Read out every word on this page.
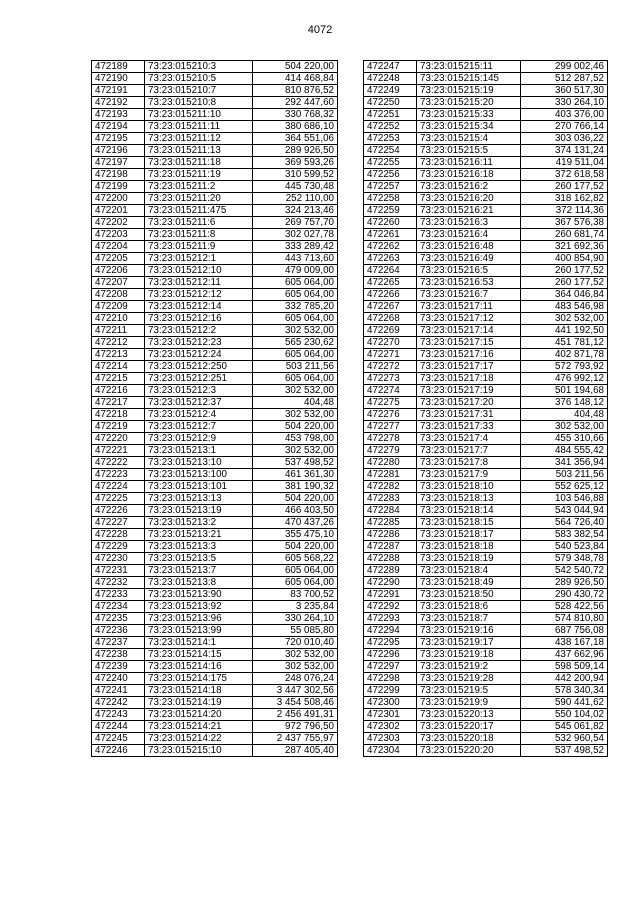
4072
472189	73:23:015210:3	504 220,00
472190	73:23:015210:5	414 468,84
472191	73:23:015210:7	810 876,52
472192	73:23:015210:8	292 447,60
472193	73:23:015211:10	330 768,32
472194	73:23:015211:11	380 686,10
472195	73:23:015211:12	364 551,06
472196	73:23:015211:13	289 926,50
472197	73:23:015211:18	369 593,26
472198	73:23:015211:19	310 599,52
472199	73:23:015211:2	445 730,48
472200	73:23:015211:20	252 110,00
472201	73:23:015211:475	324 213,46
472202	73:23:015211:6	269 757,70
472203	73:23:015211:8	302 027,78
472204	73:23:015211:9	333 289,42
472205	73:23:015212:1	443 713,60
472206	73:23:015212:10	479 009,00
472207	73:23:015212:11	605 064,00
472208	73:23:015212:12	605 064,00
472209	73:23:015212:14	332 785,20
472210	73:23:015212:16	605 064,00
472211	73:23:015212:2	302 532,00
472212	73:23:015212:23	565 230,62
472213	73:23:015212:24	605 064,00
472214	73:23:015212:250	503 211,56
472215	73:23:015212:251	605 064,00
472216	73:23:015212:3	302 532,00
472217	73:23:015212:37	404,48
472218	73:23:015212:4	302 532,00
472219	73:23:015212:7	504 220,00
472220	73:23:015212:9	453 798,00
472221	73:23:015213:1	302 532,00
472222	73:23:015213:10	537 498,52
472223	73:23:015213:100	461 361,30
472224	73:23:015213:101	381 190,32
472225	73:23:015213:13	504 220,00
472226	73:23:015213:19	466 403,50
472227	73:23:015213:2	470 437,26
472228	73:23:015213:21	355 475,10
472229	73:23:015213:3	504 220,00
472230	73:23:015213:5	605 568,22
472231	73:23:015213:7	605 064,00
472232	73:23:015213:8	605 064,00
472233	73:23:015213:90	83 700,52
472234	73:23:015213:92	3 235,84
472235	73:23:015213:96	330 264,10
472236	73:23:015213:99	55 085,80
472237	73:23:015214:1	720 010,40
472238	73:23:015214:15	302 532,00
472239	73:23:015214:16	302 532,00
472240	73:23:015214:175	248 076,24
472241	73:23:015214:18	3 447 302,56
472242	73:23:015214:19	3 454 508,46
472243	73:23:015214:20	2 456 491,31
472244	73:23:015214:21	972 796,50
472245	73:23:015214:22	2 437 755,97
472246	73:23:015215:10	287 405,40
472247	73:23:015215:11	299 002,46
472248	73:23:015215:145	512 287,52
472249	73:23:015215:19	360 517,30
472250	73:23:015215:20	330 264,10
472251	73:23:015215:33	403 376,00
472252	73:23:015215:34	270 766,14
472253	73:23:015215:4	303 036,22
472254	73:23:015215:5	374 131,24
472255	73:23:015216:11	419 511,04
472256	73:23:015216:18	372 618,58
472257	73:23:015216:2	260 177,52
472258	73:23:015216:20	318 162,82
472259	73:23:015216:21	372 114,36
472260	73:23:015216:3	367 576,38
472261	73:23:015216:4	260 681,74
472262	73:23:015216:48	321 692,36
472263	73:23:015216:49	400 854,90
472264	73:23:015216:5	260 177,52
472265	73:23:015216:53	260 177,52
472266	73:23:015216:7	364 046,84
472267	73:23:015217:11	483 546,98
472268	73:23:015217:12	302 532,00
472269	73:23:015217:14	441 192,50
472270	73:23:015217:15	451 781,12
472271	73:23:015217:16	402 871,78
472272	73:23:015217:17	572 793,92
472273	73:23:015217:18	476 992,12
472274	73:23:015217:19	501 194,68
472275	73:23:015217:20	376 148,12
472276	73:23:015217:31	404,48
472277	73:23:015217:33	302 532,00
472278	73:23:015217:4	455 310,66
472279	73:23:015217:7	484 555,42
472280	73:23:015217:8	341 356,94
472281	73:23:015217:9	503 211,56
472282	73:23:015218:10	552 625,12
472283	73:23:015218:13	103 546,88
472284	73:23:015218:14	543 044,94
472285	73:23:015218:15	564 726,40
472286	73:23:015218:17	583 382,54
472287	73:23:015218:18	540 523,84
472288	73:23:015218:19	579 348,78
472289	73:23:015218:4	542 540,72
472290	73:23:015218:49	289 926,50
472291	73:23:015218:50	290 430,72
472292	73:23:015218:6	528 422,56
472293	73:23:015218:7	574 810,80
472294	73:23:015219:16	687 756,08
472295	73:23:015219:17	438 167,18
472296	73:23:015219:18	437 662,96
472297	73:23:015219:2	598 509,14
472298	73:23:015219:28	442 200,94
472299	73:23:015219:5	578 340,34
472300	73:23:015219:9	590 441,62
472301	73:23:015220:13	550 104,02
472302	73:23:015220:17	545 061,82
472303	73:23:015220:18	532 960,54
472304	73:23:015220:20	537 498,52
